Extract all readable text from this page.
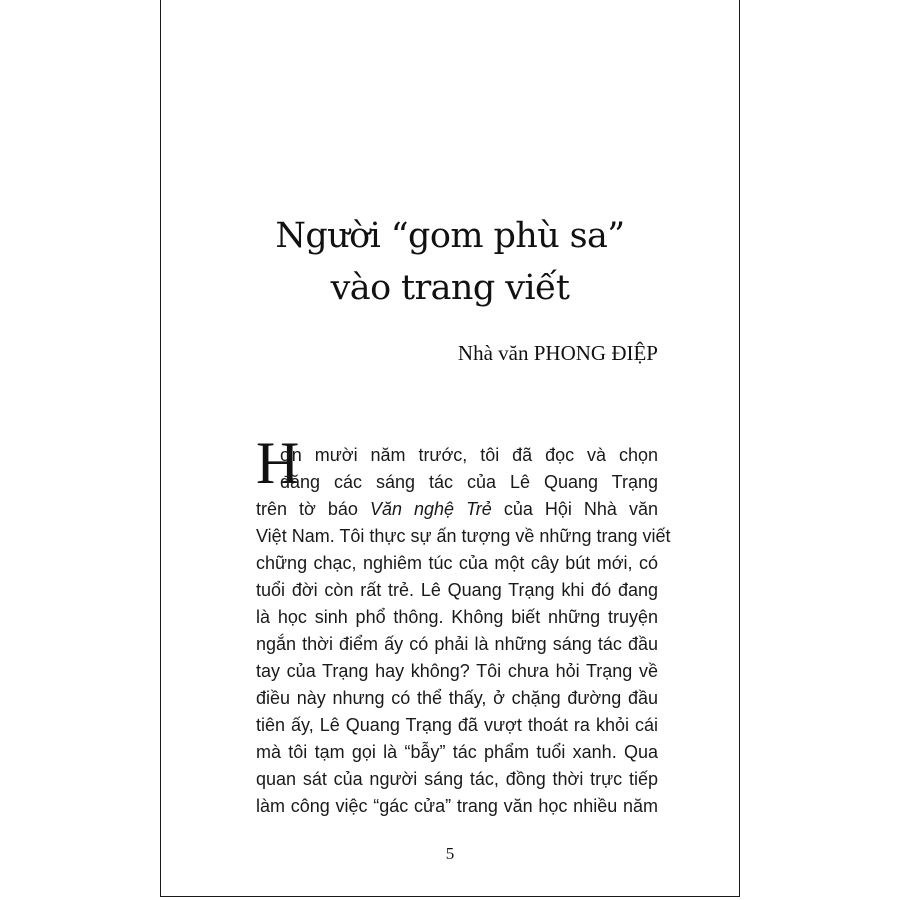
Người “gom phù sa”
vào trang viết
Nhà văn PHONG ĐIỆP
H
ơn mười năm trước, tôi đã đọc và chọn
đăng các sáng tác của Lê Quang Trạng
trên tờ báo Văn nghệ Trẻ của Hội Nhà văn
Việt Nam. Tôi thực sự ấn tượng về những trang viết
chững chạc, nghiêm túc của một cây bút mới, có
tuổi đời còn rất trẻ. Lê Quang Trạng khi đó đang
là học sinh phổ thông. Không biết những truyện
ngắn thời điểm ấy có phải là những sáng tác đầu
tay của Trạng hay không? Tôi chưa hỏi Trạng về
điều này nhưng có thể thấy, ở chặng đường đầu
tiên ấy, Lê Quang Trạng đã vượt thoát ra khỏi cái
mà tôi tạm gọi là “bẫy” tác phẩm tuổi xanh. Qua
quan sát của người sáng tác, đồng thời trực tiếp
làm công việc “gác cửa” trang văn học nhiều năm
5
